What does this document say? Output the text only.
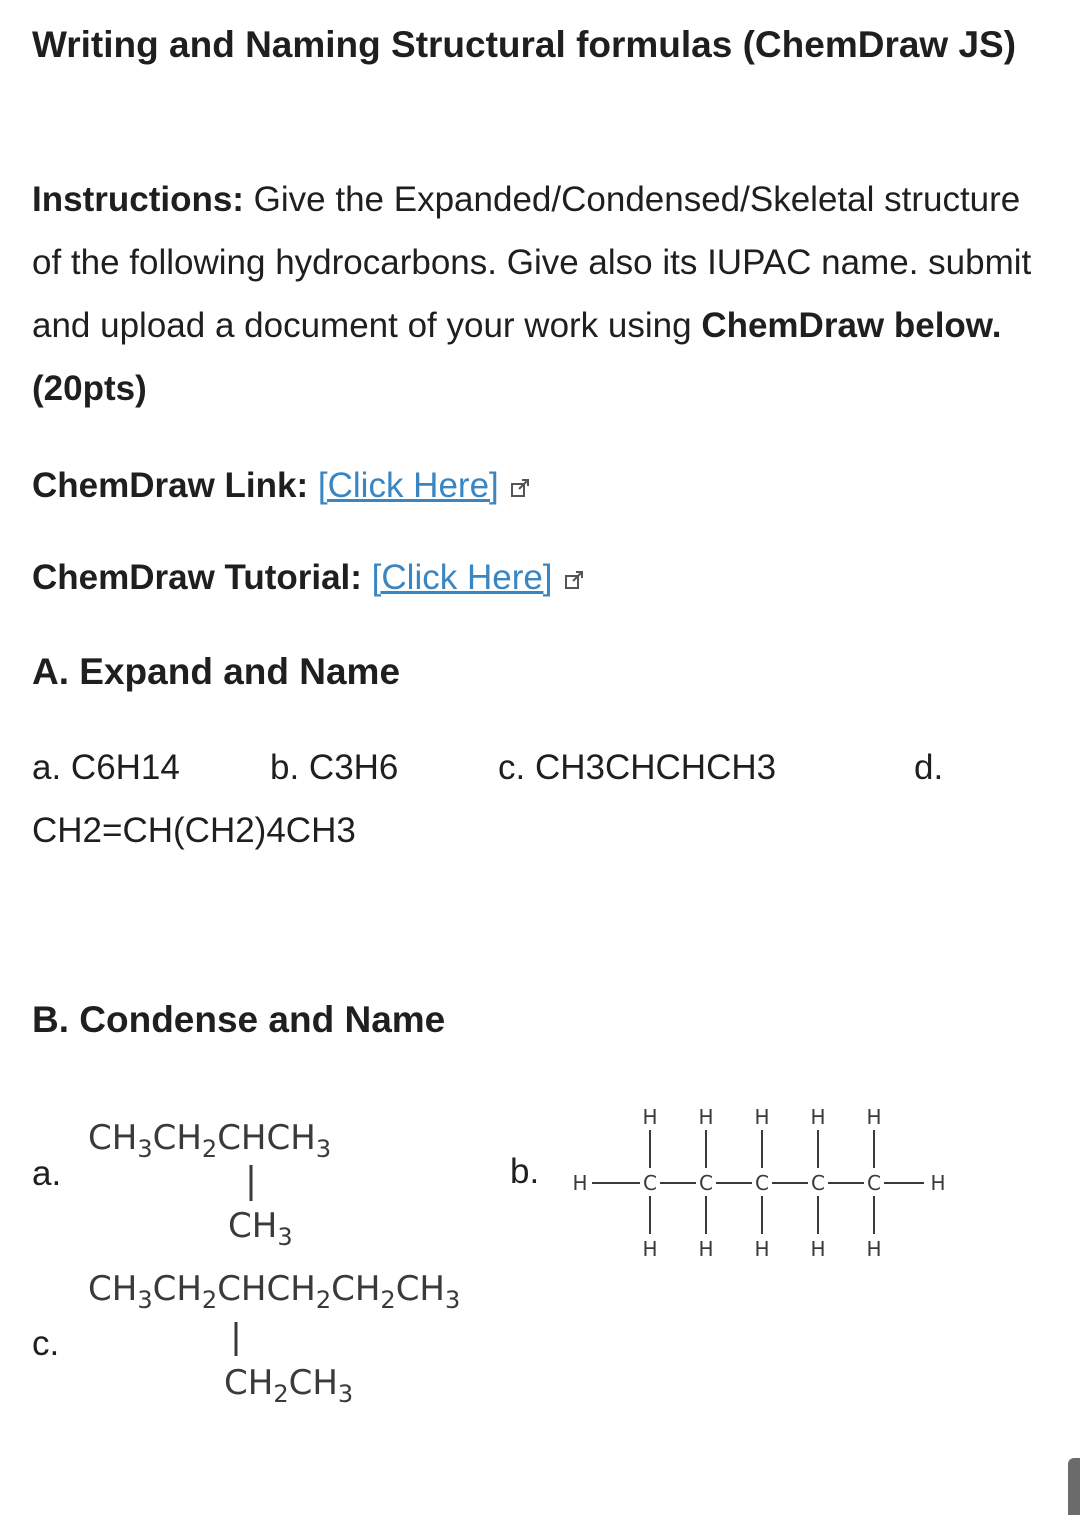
Writing and Naming Structural formulas (ChemDraw JS)

Instructions: Give the Expanded/Condensed/Skeletal structure of the following hydrocarbons. Give also its IUPAC name. submit and upload a document of your work using ChemDraw below. (20pts)

ChemDraw Link: [Click Here]
ChemDraw Tutorial: [Click Here]
A. Expand and Name
a. C6H14	b. C3H6	c. CH3CHCHCH3	d.
CH2=CH(CH2)4CH3
B. Condense and Name
a.	b.
c.
$CH_3CH_2CHCH_3$
$CH_3$
$CH_3CH_2CHCH_2CH_2CH_3$
$CH_2CH_3$
H	C
H
H
C
H
H
C
H
H
C
H
H
C
H
H
H
